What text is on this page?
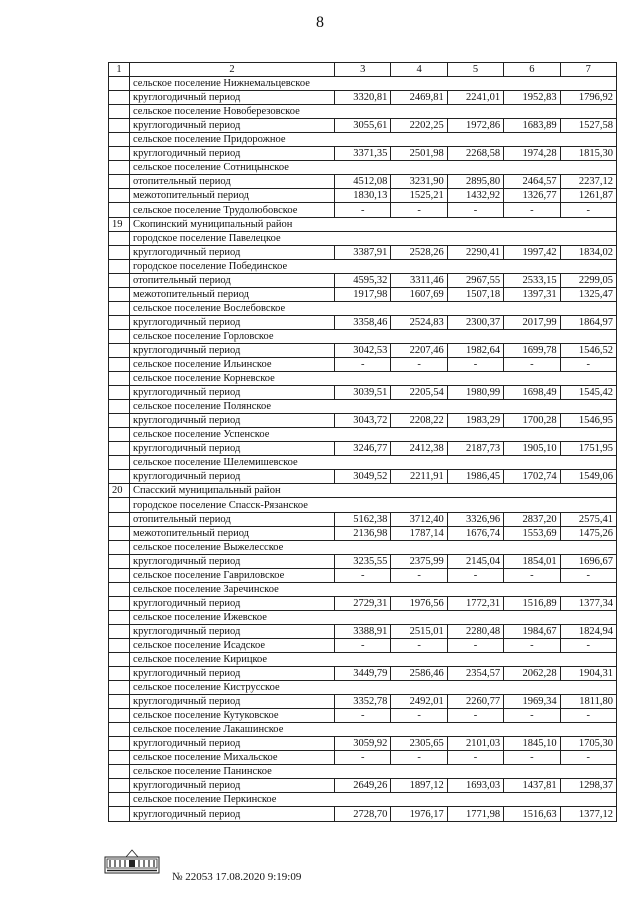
8
1	2	3	4	5	6	7
	сельское поселение Нижнемальцевское					
	круглогодичный период	3320,81	2469,81	2241,01	1952,83	1796,92
	сельское поселение Новоберезовское					
	круглогодичный период	3055,61	2202,25	1972,86	1683,89	1527,58
	сельское поселение Придорожное					
	круглогодичный период	3371,35	2501,98	2268,58	1974,28	1815,30
	сельское поселение Сотницынское					
	отопительный период	4512,08	3231,90	2895,80	2464,57	2237,12
	межотопительный период	1830,13	1525,21	1432,92	1326,77	1261,87
	сельское поселение Трудолюбовское	-	-	-	-	-
19	Скопинский муниципальный район					
	городское поселение Павелецкое					
	круглогодичный период	3387,91	2528,26	2290,41	1997,42	1834,02
	городское поселение Побединское					
	отопительный период	4595,32	3311,46	2967,55	2533,15	2299,05
	межотопительный период	1917,98	1607,69	1507,18	1397,31	1325,47
	сельское поселение Вослебовское					
	круглогодичный период	3358,46	2524,83	2300,37	2017,99	1864,97
	сельское поселение Горловское					
	круглогодичный период	3042,53	2207,46	1982,64	1699,78	1546,52
	сельское поселение Ильинское	-	-	-	-	-
	сельское поселение Корневское					
	круглогодичный период	3039,51	2205,54	1980,99	1698,49	1545,42
	сельское поселение Полянское					
	круглогодичный период	3043,72	2208,22	1983,29	1700,28	1546,95
	сельское поселение Успенское					
	круглогодичный период	3246,77	2412,38	2187,73	1905,10	1751,95
	сельское поселение Шелемишевское					
	круглогодичный период	3049,52	2211,91	1986,45	1702,74	1549,06
20	Спасский муниципальный район					
	городское поселение Спасск-Рязанское					
	отопительный период	5162,38	3712,40	3326,96	2837,20	2575,41
	межотопительный период	2136,98	1787,14	1676,74	1553,69	1475,26
	сельское поселение Выжелесское					
	круглогодичный период	3235,55	2375,99	2145,04	1854,01	1696,67
	сельское поселение Гавриловское	-	-	-	-	-
	сельское поселение Заречинское					
	круглогодичный период	2729,31	1976,56	1772,31	1516,89	1377,34
	сельское поселение Ижевское					
	круглогодичный период	3388,91	2515,01	2280,48	1984,67	1824,94
	сельское поселение Исадское	-	-	-	-	-
	сельское поселение Кирицкое					
	круглогодичный период	3449,79	2586,46	2354,57	2062,28	1904,31
	сельское поселение Киструсское					
	круглогодичный период	3352,78	2492,01	2260,77	1969,34	1811,80
	сельское поселение Кутуковское	-	-	-	-	-
	сельское поселение Лакашинское					
	круглогодичный период	3059,92	2305,65	2101,03	1845,10	1705,30
	сельское поселение Михальское	-	-	-	-	-
	сельское поселение Панинское					
	круглогодичный период	2649,26	1897,12	1693,03	1437,81	1298,37
	сельское поселение Перкинское					
	круглогодичный период	2728,70	1976,17	1771,98	1516,63	1377,12
№ 22053 17.08.2020 9:19:09
